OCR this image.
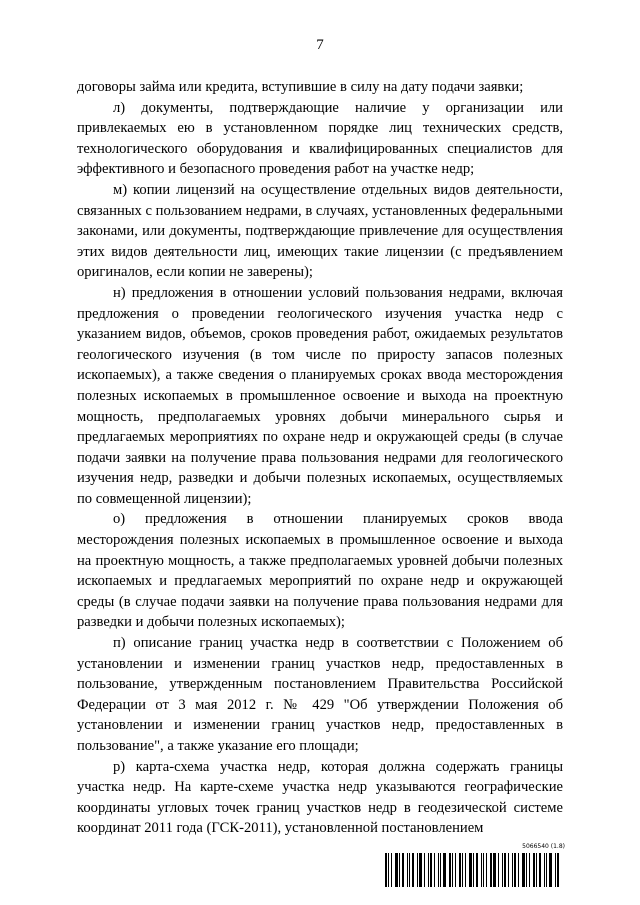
7

договоры займа или кредита, вступившие в силу на дату подачи заявки;

л) документы, подтверждающие наличие у организации или привлекаемых ею в установленном порядке лиц технических средств, технологического оборудования и квалифицированных специалистов для эффективного и безопасного проведения работ на участке недр;

м) копии лицензий на осуществление отдельных видов деятельности, связанных с пользованием недрами, в случаях, установленных федеральными законами, или документы, подтверждающие привлечение для осуществления этих видов деятельности лиц, имеющих такие лицензии (с предъявлением оригиналов, если копии не заверены);

н) предложения в отношении условий пользования недрами, включая предложения о проведении геологического изучения участка недр с указанием видов, объемов, сроков проведения работ, ожидаемых результатов геологического изучения (в том числе по приросту запасов полезных ископаемых), а также сведения о планируемых сроках ввода месторождения полезных ископаемых в промышленное освоение и выхода на проектную мощность, предполагаемых уровнях добычи минерального сырья и предлагаемых мероприятиях по охране недр и окружающей среды (в случае подачи заявки на получение права пользования недрами для геологического изучения недр, разведки и добычи полезных ископаемых, осуществляемых по совмещенной лицензии);

о) предложения в отношении планируемых сроков ввода месторождения полезных ископаемых в промышленное освоение и выхода на проектную мощность, а также предполагаемых уровней добычи полезных ископаемых и предлагаемых мероприятий по охране недр и окружающей среды (в случае подачи заявки на получение права пользования недрами для разведки и добычи полезных ископаемых);

п) описание границ участка недр в соответствии с Положением об установлении и изменении границ участков недр, предоставленных в пользование, утвержденным постановлением Правительства Российской Федерации от 3 мая 2012 г. № 429 "Об утверждении Положения об установлении и изменении границ участков недр, предоставленных в пользование", а также указание его площади;

р) карта-схема участка недр, которая должна содержать границы участка недр. На карте-схеме участка недр указываются географические координаты угловых точек границ участков недр в геодезической системе координат 2011 года (ГСК-2011), установленной постановлением

5066540 (1.8)
